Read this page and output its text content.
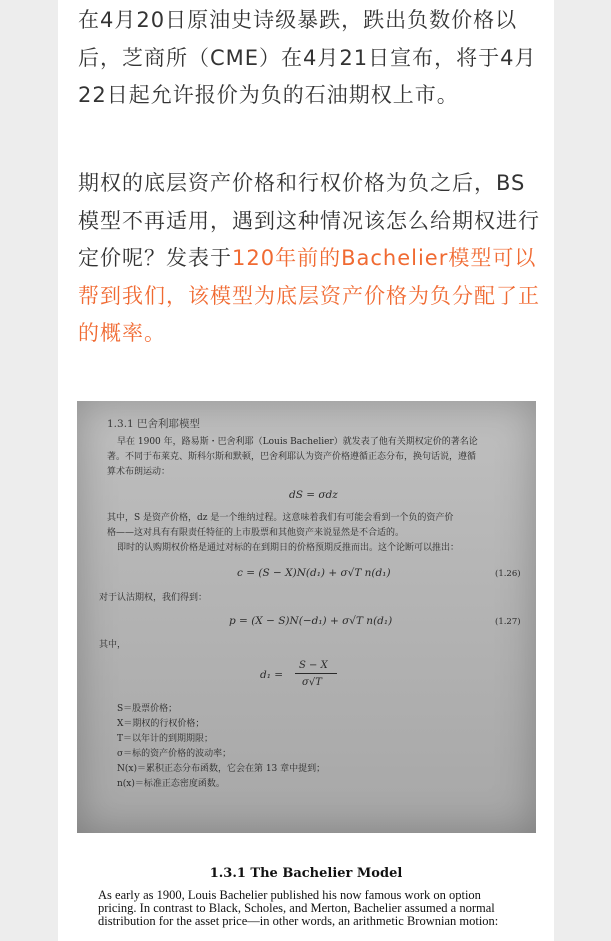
在4月20日原油史诗级暴跌，跌出负数价格以后，芝商所（CME）在4月21日宣布，将于4月22日起允许报价为负的石油期权上市。

期权的底层资产价格和行权价格为负之后，BS模型不再适用，遇到这种情况该怎么给期权进行定价呢？发表于120年前的Bachelier模型可以帮到我们，该模型为底层资产价格为负分配了正的概率。

1.3.1 巴舍利耶模型
早在 1900 年，路易斯・巴舍利耶（Louis Bachelier）就发表了他有关期权定价的著名论
著。不同于布莱克、斯科尔斯和默顿，巴舍利耶认为资产价格遵循正态分布，换句话说，遵循
算术布朗运动：
dS = σdz
其中，S 是资产价格，dz 是一个维纳过程。这意味着我们有可能会看到一个负的资产价
格——这对具有有限责任特征的上市股票和其他资产来说显然是不合适的。
即时的认购期权价格是通过对标的在到期日的价格预期反推而出。这个论断可以推出：
c = (S − X)N(d₁) + σ√T n(d₁)	(1.26)
对于认沽期权，我们得到：
p = (X − S)N(−d₁) + σ√T n(d₁)	(1.27)
其中，
d₁ =
S − X
σ√T
S＝股票价格；
X＝期权的行权价格；
T＝以年计的到期期限；
σ＝标的资产价格的波动率；
N(x)＝累积正态分布函数，它会在第 13 章中提到；
n(x)＝标准正态密度函数。
1.3.1 The Bachelier Model
As early as 1900, Louis Bachelier published his now famous work on option pricing. In contrast to Black, Scholes, and Merton, Bachelier assumed a normal distribution for the asset price—in other words, an arithmetic Brownian motion:
